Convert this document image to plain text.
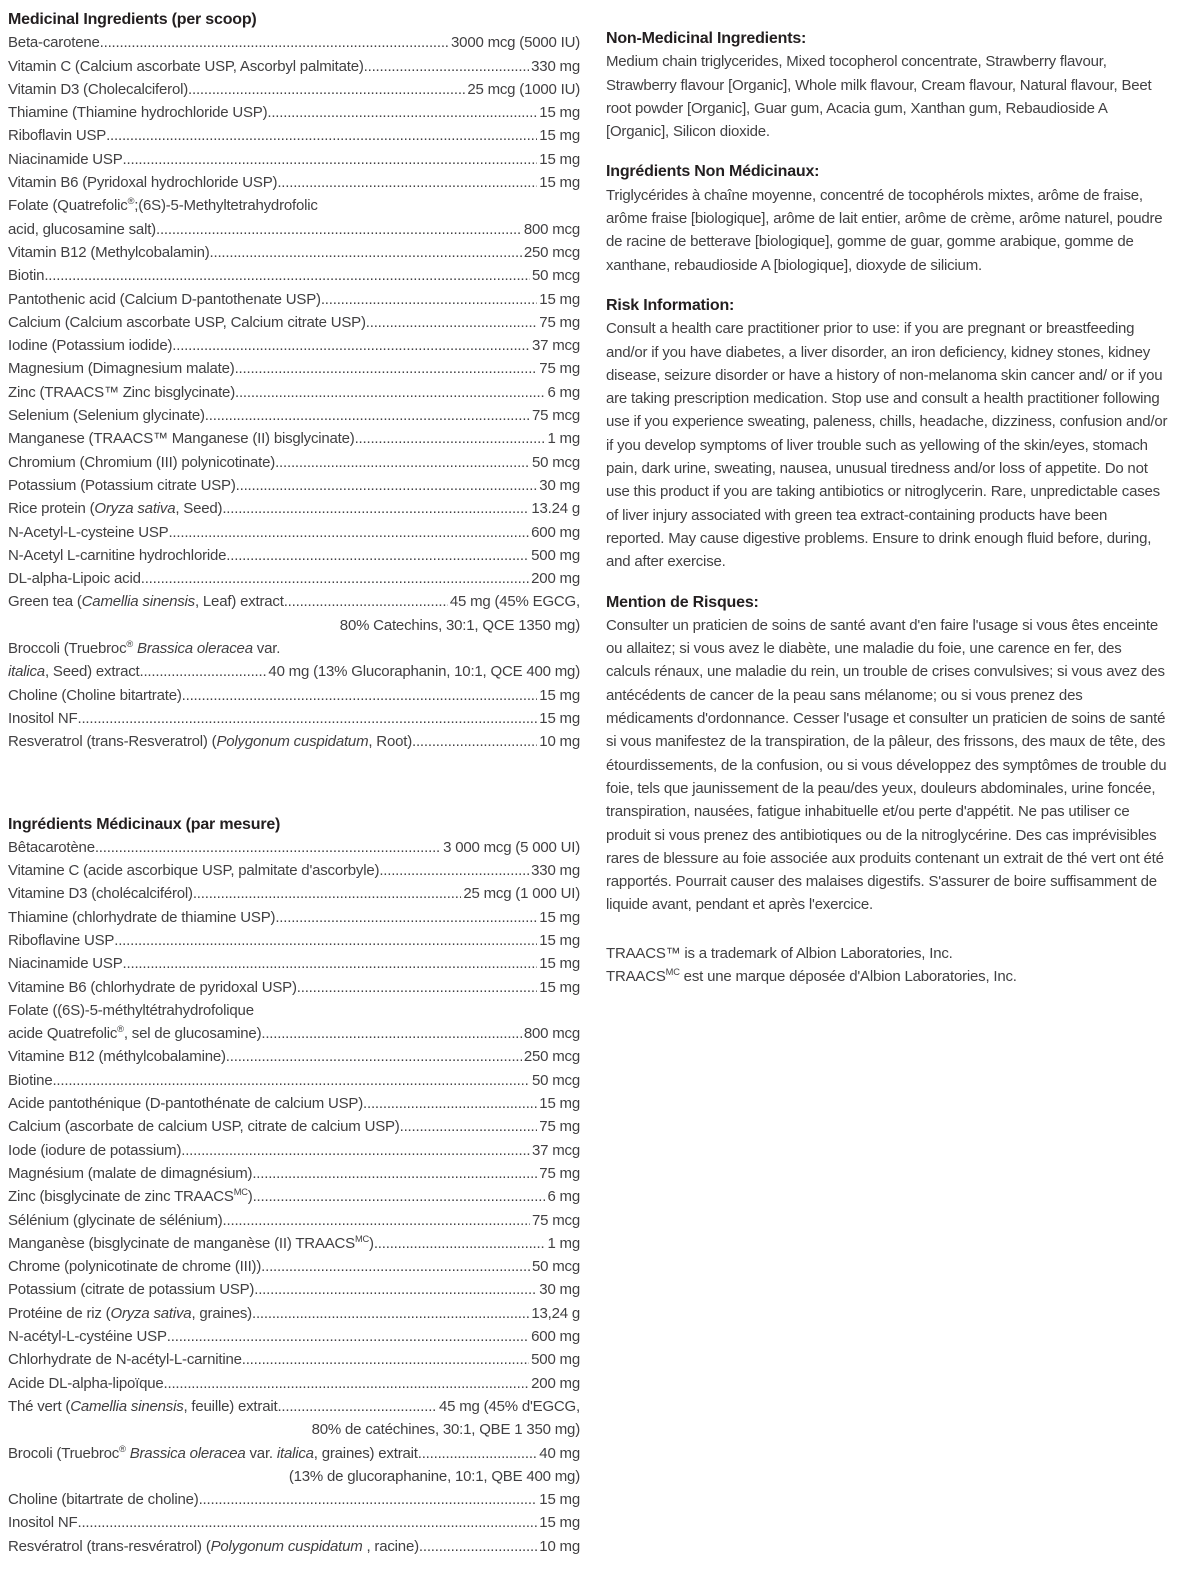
Medicinal Ingredients (per scoop)
Beta-carotene .....	3000 mcg (5000 IU)
Vitamin C (Calcium ascorbate USP, Ascorbyl palmitate) .....	330 mg
Vitamin D3 (Cholecalciferol) .....	25 mcg (1000 IU)
Thiamine (Thiamine hydrochloride USP) .....	15 mg
Riboflavin USP .....	15 mg
Niacinamide USP .....	15 mg
Vitamin B6 (Pyridoxal hydrochloride USP) .....	15 mg
Folate (Quatrefolic®;(6S)-5-Methyltetrahydrofolic
acid, glucosamine salt) .....	800 mcg
Vitamin B12 (Methylcobalamin) .....	250 mcg
Biotin .....	50 mcg
Pantothenic acid (Calcium D-pantothenate USP) .....	15 mg
Calcium (Calcium ascorbate USP, Calcium citrate USP) .....	75 mg
Iodine (Potassium iodide) .....	37 mcg
Magnesium (Dimagnesium malate) .....	75 mg
Zinc (TRAACS™ Zinc bisglycinate) .....	6 mg
Selenium (Selenium glycinate) .....	75 mcg
Manganese (TRAACS™ Manganese (II) bisglycinate) .....	1 mg
Chromium (Chromium (III) polynicotinate) .....	50 mcg
Potassium (Potassium citrate USP) .....	30 mg
Rice protein (Oryza sativa, Seed) .....	13.24 g
N-Acetyl-L-cysteine USP .....	600 mg
N-Acetyl L-carnitine hydrochloride .....	500 mg
DL-alpha-Lipoic acid .....	200 mg
Green tea (Camellia sinensis, Leaf) extract .....	45 mg (45% EGCG,
80% Catechins, 30:1, QCE 1350 mg)
Broccoli (Truebroc® Brassica oleracea var.
italica, Seed) extract .....	40 mg (13% Glucoraphanin, 10:1, QCE 400 mg)
Choline (Choline bitartrate) .....	15 mg
Inositol NF .....	15 mg
Resveratrol (trans-Resveratrol) (Polygonum cuspidatum, Root) .....	10 mg
Ingrédients Médicinaux (par mesure)
Bêtacarotène .....	3 000 mcg (5 000 UI)
Vitamine C (acide ascorbique USP, palmitate d'ascorbyle) .....	330 mg
Vitamine D3 (cholécalciférol) .....	25 mcg (1 000 UI)
Thiamine (chlorhydrate de thiamine USP) .....	15 mg
Riboflavine USP .....	15 mg
Niacinamide USP .....	15 mg
Vitamine B6 (chlorhydrate de pyridoxal USP) .....	15 mg
Folate ((6S)-5-méthyltétrahydrofolique
acide Quatrefolic®, sel de glucosamine) .....	800 mcg
Vitamine B12 (méthylcobalamine) .....	250 mcg
Biotine .....	50 mcg
Acide pantothénique (D-pantothénate de calcium USP) .....	15 mg
Calcium (ascorbate de calcium USP, citrate de calcium USP) .....	75 mg
Iode (iodure de potassium) .....	37 mcg
Magnésium (malate de dimagnésium) .....	75 mg
Zinc (bisglycinate de zinc $TRAACS^{MC}$) .....	6 mg
Sélénium (glycinate de sélénium) .....	75 mcg
Manganèse (bisglycinate de manganèse (II) $TRAACS^{MC}$) .....	1 mg
Chrome (polynicotinate de chrome (III)) .....	50 mcg
Potassium (citrate de potassium USP) .....	30 mg
Protéine de riz (Oryza sativa, graines) .....	13,24 g
N-acétyl-L-cystéine USP .....	600 mg
Chlorhydrate de N-acétyl-L-carnitine .....	500 mg
Acide DL-alpha-lipoïque .....	200 mg
Thé vert (Camellia sinensis, feuille) extrait .....	45 mg (45% d'EGCG,
80% de catéchines, 30:1, QBE 1 350 mg)
Brocoli (Truebroc® Brassica oleracea var. italica, graines) extrait .....	40 mg
(13% de glucoraphanine, 10:1, QBE 400 mg)
Choline (bitartrate de choline) .....	15 mg
Inositol NF .....	15 mg
Resvératrol (trans-resvératrol) (Polygonum cuspidatum , racine) .....	10 mg
Non-Medicinal Ingredients:

Medium chain triglycerides, Mixed tocopherol concentrate, Strawberry flavour, Strawberry flavour [Organic], Whole milk flavour, Cream flavour, Natural flavour, Beet root powder [Organic], Guar gum, Acacia gum, Xanthan gum, Rebaudioside A [Organic], Silicon dioxide.

Ingrédients Non Médicinaux:

Triglycérides à chaîne moyenne, concentré de tocophérols mixtes, arôme de fraise, arôme fraise [biologique], arôme de lait entier, arôme de crème, arôme naturel, poudre de racine de betterave [biologique], gomme de guar, gomme arabique, gomme de xanthane, rebaudioside A [biologique], dioxyde de silicium.

Risk Information:

Consult a health care practitioner prior to use: if you are pregnant or breastfeeding and/or if you have diabetes, a liver disorder, an iron deficiency, kidney stones, kidney disease, seizure disorder or have a history of non-melanoma skin cancer and/ or if you are taking prescription medication. Stop use and consult a health practitioner following use if you experience sweating, paleness, chills, headache, dizziness, confusion and/or if you develop symptoms of liver trouble such as yellowing of the skin/eyes, stomach pain, dark urine, sweating, nausea, unusual tiredness and/or loss of appetite. Do not use this product if you are taking antibiotics or nitroglycerin. Rare, unpredictable cases of liver injury associated with green tea extract-containing products have been reported. May cause digestive problems. Ensure to drink enough fluid before, during, and after exercise.

Mention de Risques:

Consulter un praticien de soins de santé avant d'en faire l'usage si vous êtes enceinte ou allaitez; si vous avez le diabète, une maladie du foie, une carence en fer, des calculs rénaux, une maladie du rein, un trouble de crises convulsives; si vous avez des antécédents de cancer de la peau sans mélanome; ou si vous prenez des médicaments d'ordonnance. Cesser l'usage et consulter un praticien de soins de santé si vous manifestez de la transpiration, de la pâleur, des frissons, des maux de tête, des étourdissements, de la confusion, ou si vous développez des symptômes de trouble du foie, tels que jaunissement de la peau/des yeux, douleurs abdominales, urine foncée, transpiration, nausées, fatigue inhabituelle et/ou perte d'appétit. Ne pas utiliser ce produit si vous prenez des antibiotiques ou de la nitroglycérine. Des cas imprévisibles rares de blessure au foie associée aux produits contenant un extrait de thé vert ont été rapportés. Pourrait causer des malaises digestifs. S'assurer de boire suffisamment de liquide avant, pendant et après l'exercice.

TRAACS™ is a trademark of Albion Laboratories, Inc.
$TRAACS^{MC}$ est une marque déposée d'Albion Laboratories, Inc.
